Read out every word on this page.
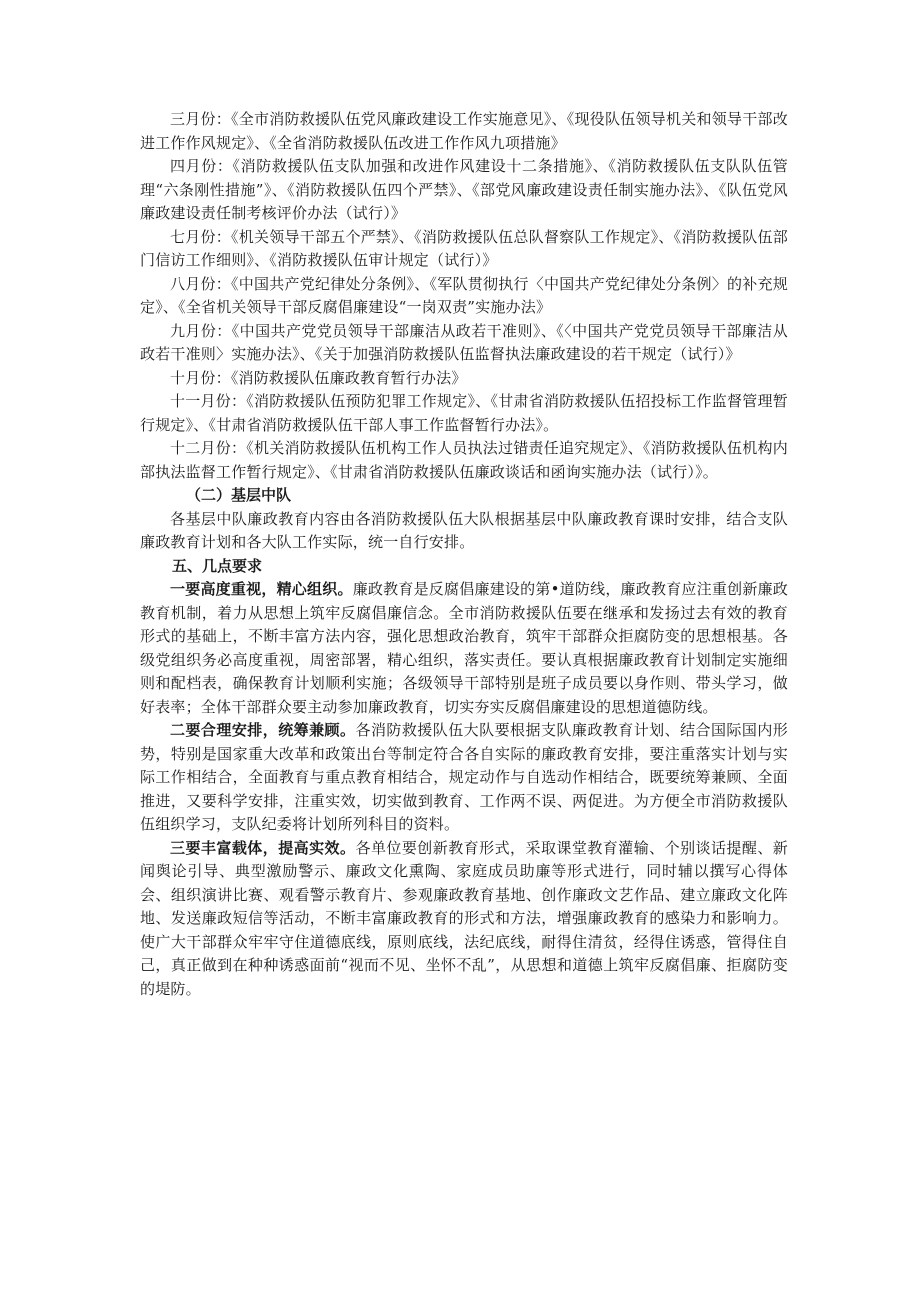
三月份：《全市消防救援队伍党风廉政建设工作实施意见》、《现役队伍领导机关和领导干部改进工作作风规定》、《全省消防救援队伍改进工作作风九项措施》

四月份：《消防救援队伍支队加强和改进作风建设十二条措施》、《消防救援队伍支队队伍管理“六条刚性措施”》、《消防救援队伍四个严禁》、《部党风廉政建设责任制实施办法》、《队伍党风廉政建设责任制考核评价办法（试行）》

七月份：《机关领导干部五个严禁》、《消防救援队伍总队督察队工作规定》、《消防救援队伍部门信访工作细则》、《消防救援队伍审计规定（试行）》

八月份：《中国共产党纪律处分条例》、《军队贯彻执行〈中国共产党纪律处分条例〉的补充规定》、《全省机关领导干部反腐倡廉建设“一岗双责”实施办法》

九月份：《中国共产党党员领导干部廉洁从政若干准则》、《〈中国共产党党员领导干部廉洁从政若干准则〉实施办法》、《关于加强消防救援队伍监督执法廉政建设的若干规定（试行）》

十月份：《消防救援队伍廉政教育暂行办法》

十一月份：《消防救援队伍预防犯罪工作规定》、《甘肃省消防救援队伍招投标工作监督管理暂行规定》、《甘肃省消防救援队伍干部人事工作监督暂行办法》。

十二月份：《机关消防救援队伍机构工作人员执法过错责任追究规定》、《消防救援队伍机构内部执法监督工作暂行规定》、《甘肃省消防救援队伍廉政谈话和函询实施办法（试行）》。

（二）基层中队

各基层中队廉政教育内容由各消防救援队伍大队根据基层中队廉政教育课时安排，结合支队廉政教育计划和各大队工作实际，统一自行安排。

五、几点要求

一要高度重视，精心组织。廉政教育是反腐倡廉建设的第•道防线，廉政教育应注重创新廉政教育机制，着力从思想上筑牢反腐倡廉信念。全市消防救援队伍要在继承和发扬过去有效的教育形式的基础上，不断丰富方法内容，强化思想政治教育，筑牢干部群众拒腐防变的思想根基。各级党组织务必高度重视，周密部署，精心组织，落实责任。要认真根据廉政教育计划制定实施细则和配档表，确保教育计划顺利实施；各级领导干部特别是班子成员要以身作则、带头学习，做好表率；全体干部群众要主动参加廉政教育，切实夯实反腐倡廉建设的思想道德防线。

二要合理安排，统筹兼顾。各消防救援队伍大队要根据支队廉政教育计划、结合国际国内形势，特别是国家重大改革和政策出台等制定符合各自实际的廉政教育安排，要注重落实计划与实际工作相结合，全面教育与重点教育相结合，规定动作与自选动作相结合，既要统筹兼顾、全面推进，又要科学安排，注重实效，切实做到教育、工作两不误、两促进。为方便全市消防救援队伍组织学习，支队纪委将计划所列科目的资料。

三要丰富载体，提高实效。各单位要创新教育形式，采取课堂教育灌输、个别谈话提醒、新闻舆论引导、典型激励警示、廉政文化熏陶、家庭成员助廉等形式进行，同时辅以撰写心得体会、组织演讲比赛、观看警示教育片、参观廉政教育基地、创作廉政文艺作品、建立廉政文化阵地、发送廉政短信等活动，不断丰富廉政教育的形式和方法，增强廉政教育的感染力和影响力。使广大干部群众牢牢守住道德底线，原则底线，法纪底线，耐得住清贫，经得住诱惑，管得住自己，真正做到在种种诱惑面前“视而不见、坐怀不乱”，从思想和道德上筑牢反腐倡廉、拒腐防变的堤防。
